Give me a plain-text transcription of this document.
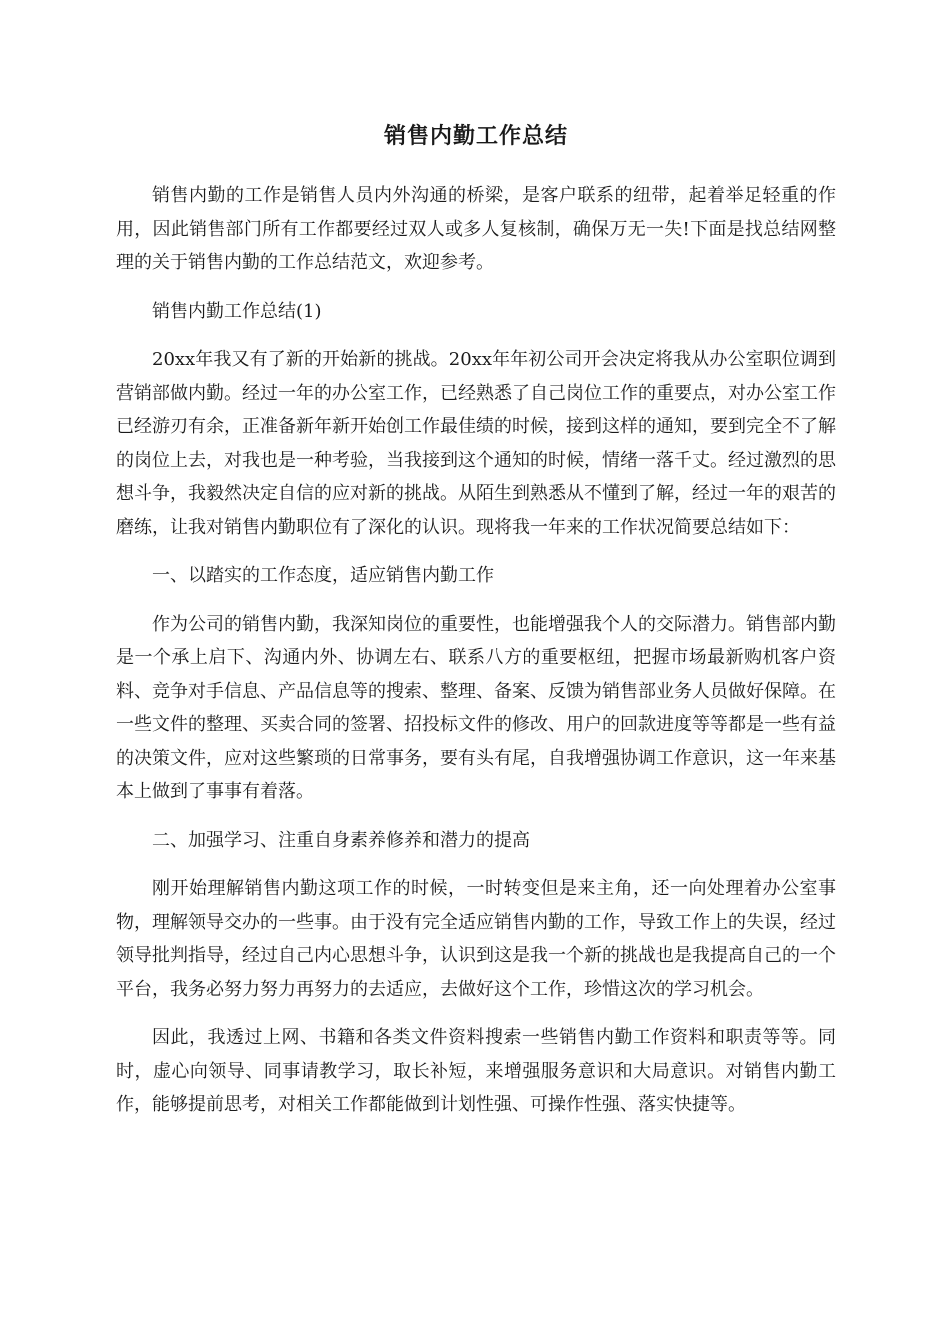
销售内勤工作总结

销售内勤的工作是销售人员内外沟通的桥梁，是客户联系的纽带，起着举足轻重的作用，因此销售部门所有工作都要经过双人或多人复核制，确保万无一失!下面是找总结网整理的关于销售内勤的工作总结范文，欢迎参考。

销售内勤工作总结(1)

20xx年我又有了新的开始新的挑战。20xx年年初公司开会决定将我从办公室职位调到营销部做内勤。经过一年的办公室工作，已经熟悉了自己岗位工作的重要点，对办公室工作已经游刃有余，正准备新年新开始创工作最佳绩的时候，接到这样的通知，要到完全不了解的岗位上去，对我也是一种考验，当我接到这个通知的时候，情绪一落千丈。经过激烈的思想斗争，我毅然决定自信的应对新的挑战。从陌生到熟悉从不懂到了解，经过一年的艰苦的磨练，让我对销售内勤职位有了深化的认识。现将我一年来的工作状况简要总结如下：

一、以踏实的工作态度，适应销售内勤工作

作为公司的销售内勤，我深知岗位的重要性，也能增强我个人的交际潜力。销售部内勤是一个承上启下、沟通内外、协调左右、联系八方的重要枢纽，把握市场最新购机客户资料、竞争对手信息、产品信息等的搜索、整理、备案、反馈为销售部业务人员做好保障。在一些文件的整理、买卖合同的签署、招投标文件的修改、用户的回款进度等等都是一些有益的决策文件，应对这些繁琐的日常事务，要有头有尾，自我增强协调工作意识，这一年来基本上做到了事事有着落。

二、加强学习、注重自身素养修养和潜力的提高

刚开始理解销售内勤这项工作的时候，一时转变但是来主角，还一向处理着办公室事物，理解领导交办的一些事。由于没有完全适应销售内勤的工作，导致工作上的失误，经过领导批判指导，经过自己内心思想斗争，认识到这是我一个新的挑战也是我提高自己的一个平台，我务必努力努力再努力的去适应，去做好这个工作，珍惜这次的学习机会。

因此，我透过上网、书籍和各类文件资料搜索一些销售内勤工作资料和职责等等。同时，虚心向领导、同事请教学习，取长补短，来增强服务意识和大局意识。对销售内勤工作，能够提前思考，对相关工作都能做到计划性强、可操作性强、落实快捷等。
